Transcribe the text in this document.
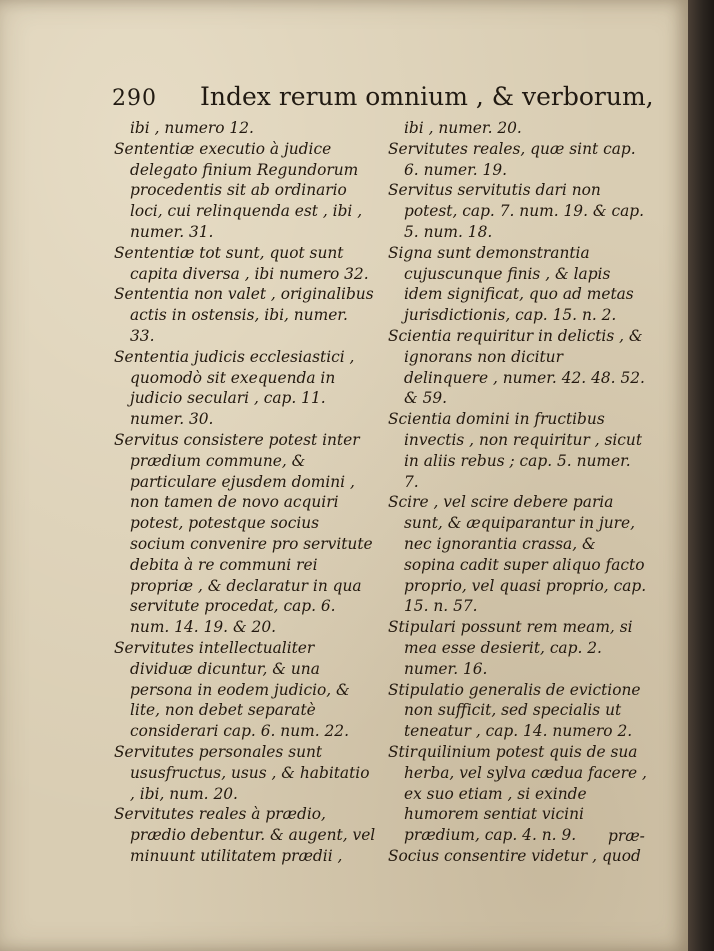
290 Index rerum omnium , & verborum,

ibi , numero 12.

Sententiæ executio à judice delegato finium Regundorum procedentis sit ab ordinario loci, cui relinquenda est , ibi , numer. 31.

Sententiæ tot sunt, quot sunt capita diversa , ibi numero 32.

Sententia non valet , originalibus actis in ostensis, ibi, numer. 33.

Sententia judicis ecclesiastici , quomodò sit exequenda in judicio seculari , cap. 11. numer. 30.

Servitus consistere potest inter prædium commune, & particulare ejusdem domini , non tamen de novo acquiri potest, potestque socius socium convenire pro servitute debita à re communi rei propriæ , & declaratur in qua servitute procedat, cap. 6. num. 14. 19. & 20.

Servitutes intellectualiter dividuæ dicuntur, & una persona in eodem judicio, & lite, non debet separatè considerari cap. 6. num. 22.

Servitutes personales sunt ususfructus, usus , & habitatio , ibi, num. 20.

Servitutes reales à prædio, prædio debentur. & augent, vel minuunt utilitatem prædii ,

ibi , numer. 20.

Servitutes reales, quæ sint cap. 6. numer. 19.

Servitus servitutis dari non potest, cap. 7. num. 19. & cap. 5. num. 18.

Signa sunt demonstrantia cujuscunque finis , & lapis idem significat, quo ad metas jurisdictionis, cap. 15. n. 2.

Scientia requiritur in delictis , & ignorans non dicitur delinquere , numer. 42. 48. 52. & 59.

Scientia domini in fructibus invectis , non requiritur , sicut in aliis rebus ; cap. 5. numer. 7.

Scire , vel scire debere paria sunt, & æquiparantur in jure, nec ignorantia crassa, & sopina cadit super aliquo facto proprio, vel quasi proprio, cap. 15. n. 57.

Stipulari possunt rem meam, si mea esse desierit, cap. 2. numer. 16.

Stipulatio generalis de evictione non sufficit, sed specialis ut teneatur , cap. 14. numero 2.

Stirquilinium potest quis de sua herba, vel sylva cædua facere , ex suo etiam , si exinde humorem sentiat vicini prædium, cap. 4. n. 9.

Socius consentire videtur , quod

præ-
